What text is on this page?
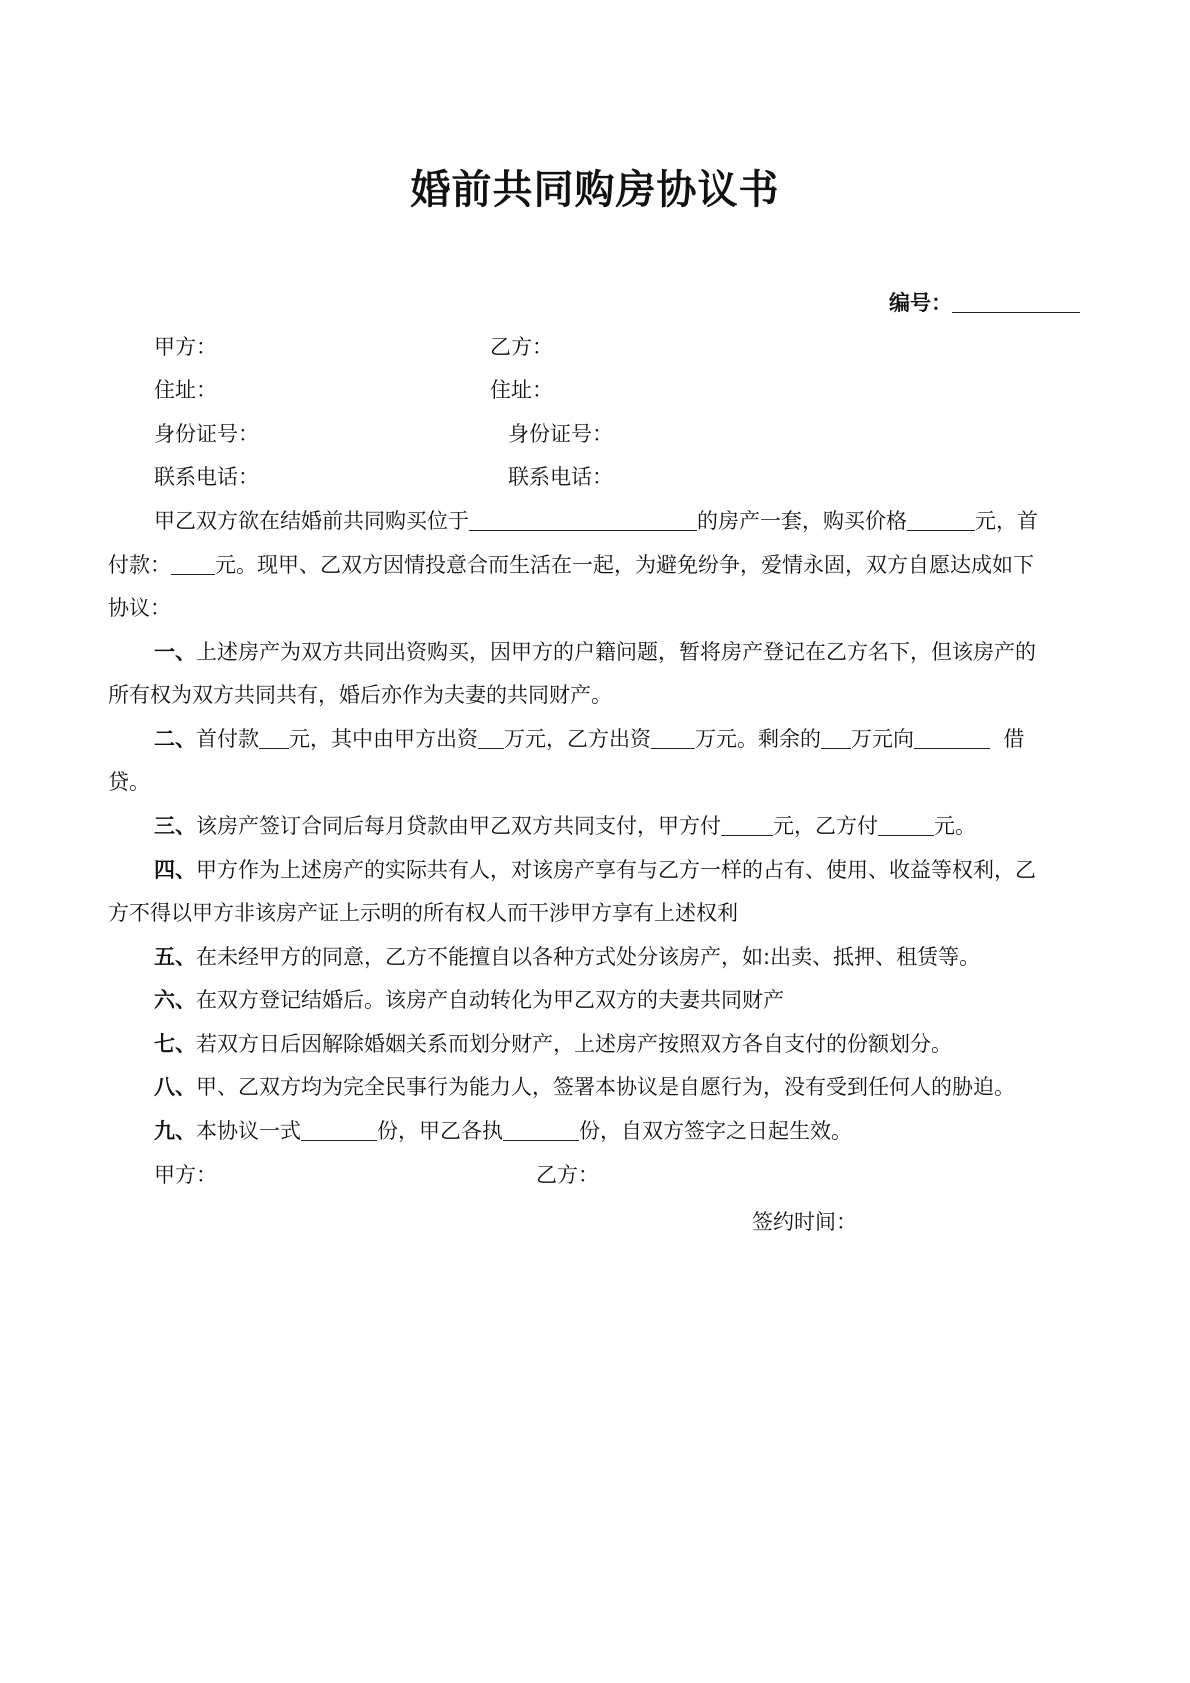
婚前共同购房协议书
编号：
甲方：	乙方：
住址：	住址：
身份证号：	身份证号：
联系电话：	联系电话：
甲乙双方欲在结婚前共同购买位于	的房产一套，购买价格	元，首
付款： 元。现甲、乙双方因情投意合而生活在一起，为避免纷争，爱情永固，双方自愿达成如下
协议：
一、上述房产为双方共同出资购买，因甲方的户籍问题，暂将房产登记在乙方名下，但该房产的
所有权为双方共同共有，婚后亦作为夫妻的共同财产。
二、首付款 元，其中由甲方出资 万元，乙方出资 万元。剩余的 万元向	借
贷。
三、该房产签订合同后每月贷款由甲乙双方共同支付，甲方付 元，乙方付	元。
四、甲方作为上述房产的实际共有人，对该房产享有与乙方一样的占有、使用、收益等权利，乙
方不得以甲方非该房产证上示明的所有权人而干涉甲方享有上述权利
五、在未经甲方的同意，乙方不能擅自以各种方式处分该房产，如:出卖、抵押、租赁等。
六、在双方登记结婚后。该房产自动转化为甲乙双方的夫妻共同财产
七、若双方日后因解除婚姻关系而划分财产，上述房产按照双方各自支付的份额划分。
八、甲、乙双方均为完全民事行为能力人，签署本协议是自愿行为，没有受到任何人的胁迫。
九、本协议一式	份，甲乙各执	份，自双方签字之日起生效。
甲方：	乙方：
签约时间：
